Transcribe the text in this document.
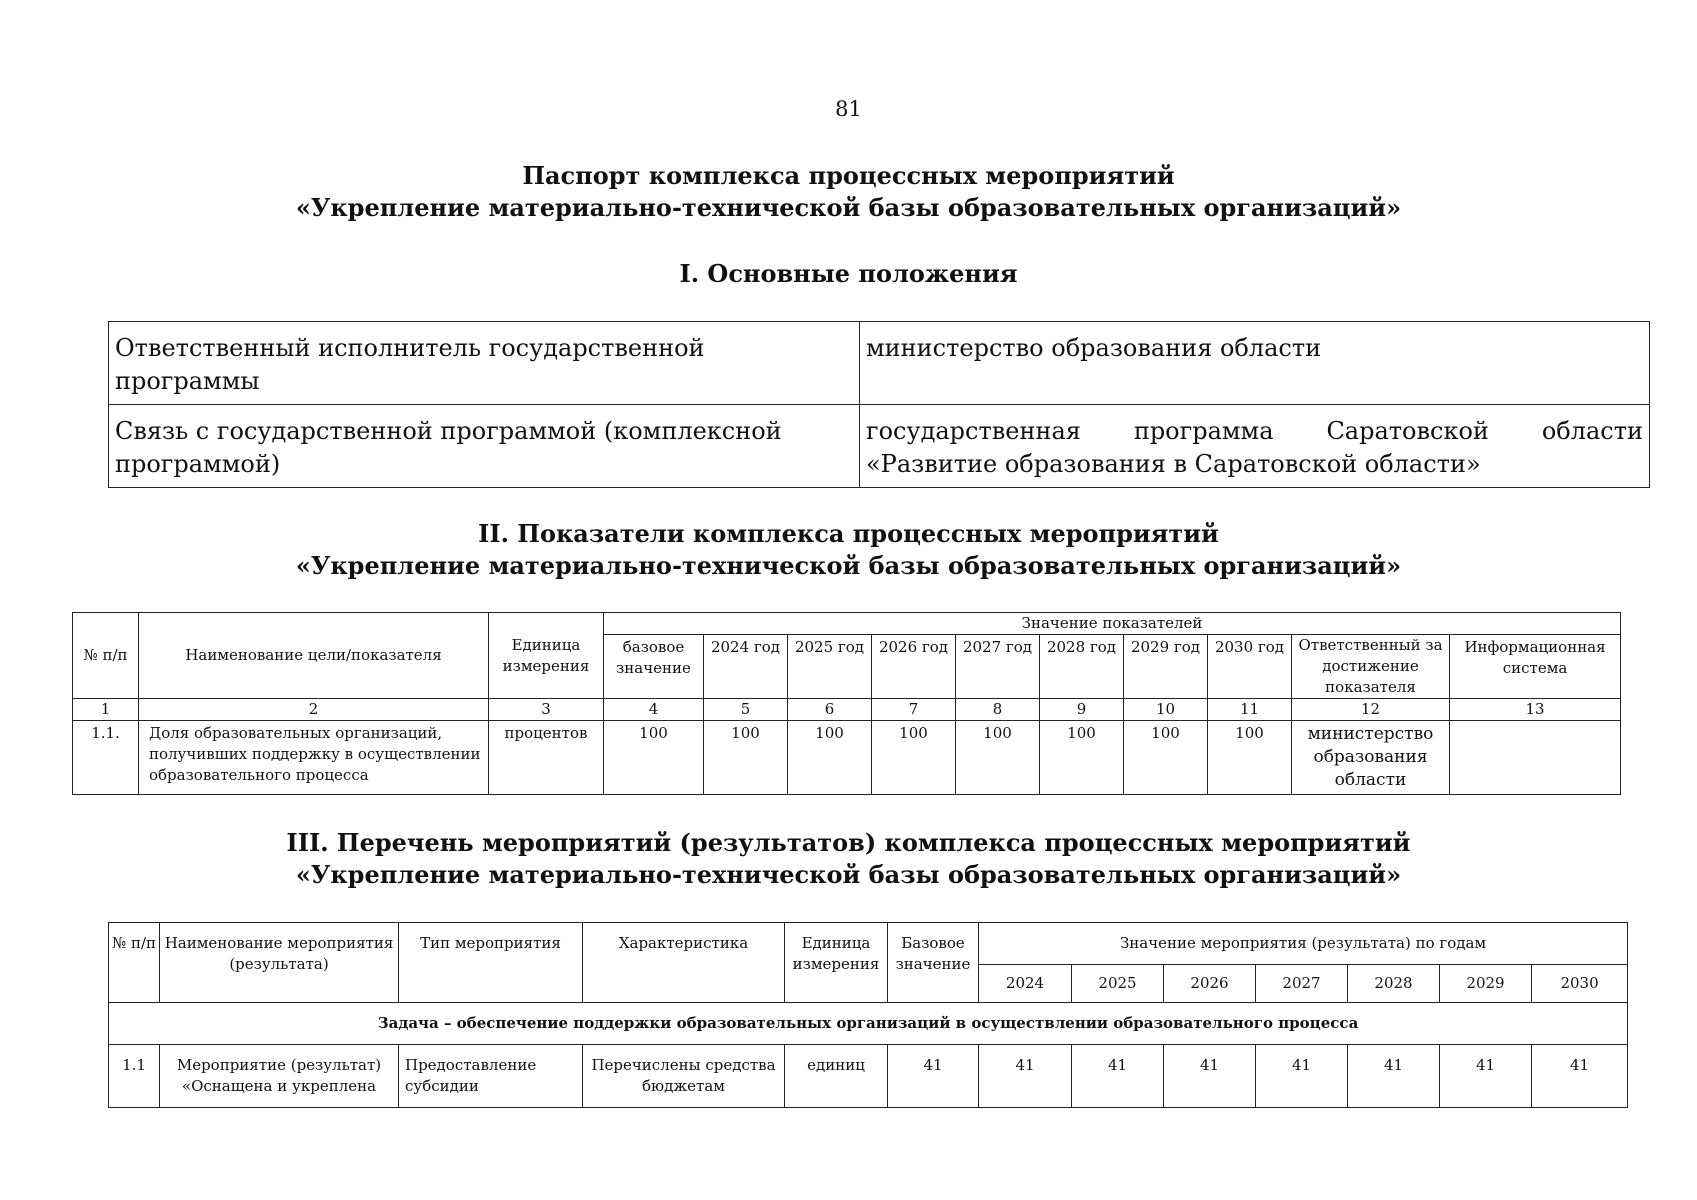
81
Паспорт комплекса процессных мероприятий
«Укрепление материально-технической базы образовательных организаций»
I. Основные положения
Ответственный исполнитель государственной программы	министерство образования области
Связь с государственной программой (комплексной программой)	государственная программа Саратовской области «Развитие образования в Саратовской области»
II. Показатели комплекса процессных мероприятий
«Укрепление материально-технической базы образовательных организаций»
№ п/п	Наименование цели/показателя	Единица измерения	Значение показателей									
			базовое значение	2024 год	2025 год	2026 год	2027 год	2028 год	2029 год	2030 год	Ответственный за достижение показателя	Информационная система
1	2	3	4	5	6	7	8	9	10	11	12	13
1.1.	Доля образовательных организаций, получивших поддержку в осуществлении образовательного процесса	процентов	100	100	100	100	100	100	100	100	министерство образования области	
III. Перечень мероприятий (результатов) комплекса процессных мероприятий
«Укрепление материально-технической базы образовательных организаций»
№ п/п	Наименование мероприятия (результата)	Тип мероприятия	Характеристика	Единица измерения	Базовое значение	Значение мероприятия (результата) по годам						
						2024	2025	2026	2027	2028	2029	2030
Задача – обеспечение поддержки образовательных организаций в осуществлении образовательного процесса												
1.1	Мероприятие (результат) «Оснащена и укреплена	Предоставление субсидии	Перечислены средства бюджетам	единиц	41	41	41	41	41	41	41	41
